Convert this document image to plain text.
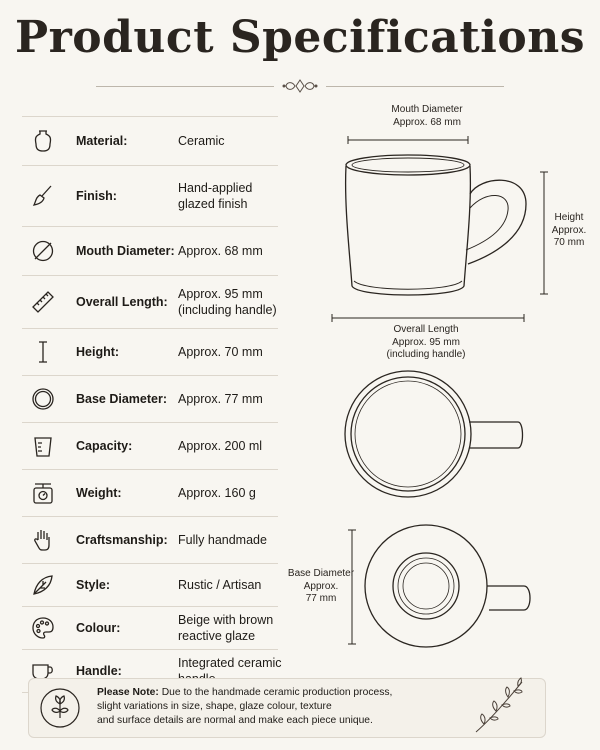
Product Specifications
Material:	Ceramic
Finish:
Hand-applied glazed finish
Mouth Diameter: Approx. 68 mm
Overall Length:
Approx. 95 mm (including handle)
Height:	Approx. 70 mm
Base Diameter: Approx. 77 mm
Capacity:	Approx. 200 ml
Weight:	Approx. 160 g
Craftsmanship: Fully handmade
Style:	Rustic / Artisan
Colour:
Beige with brown reactive glaze
Handle:
Integrated ceramic
Mouth Diameter
Approx. 68 mm
Height
Approx.
70 mm
Overall Length
Approx. 95 mm
(including handle)
Base Diameter
Approx.
77 mm
Please Note: Due to the handmade ceramic production process,
slight variations in size, shape, glaze colour, texture
and surface details are normal and make each piece unique.
